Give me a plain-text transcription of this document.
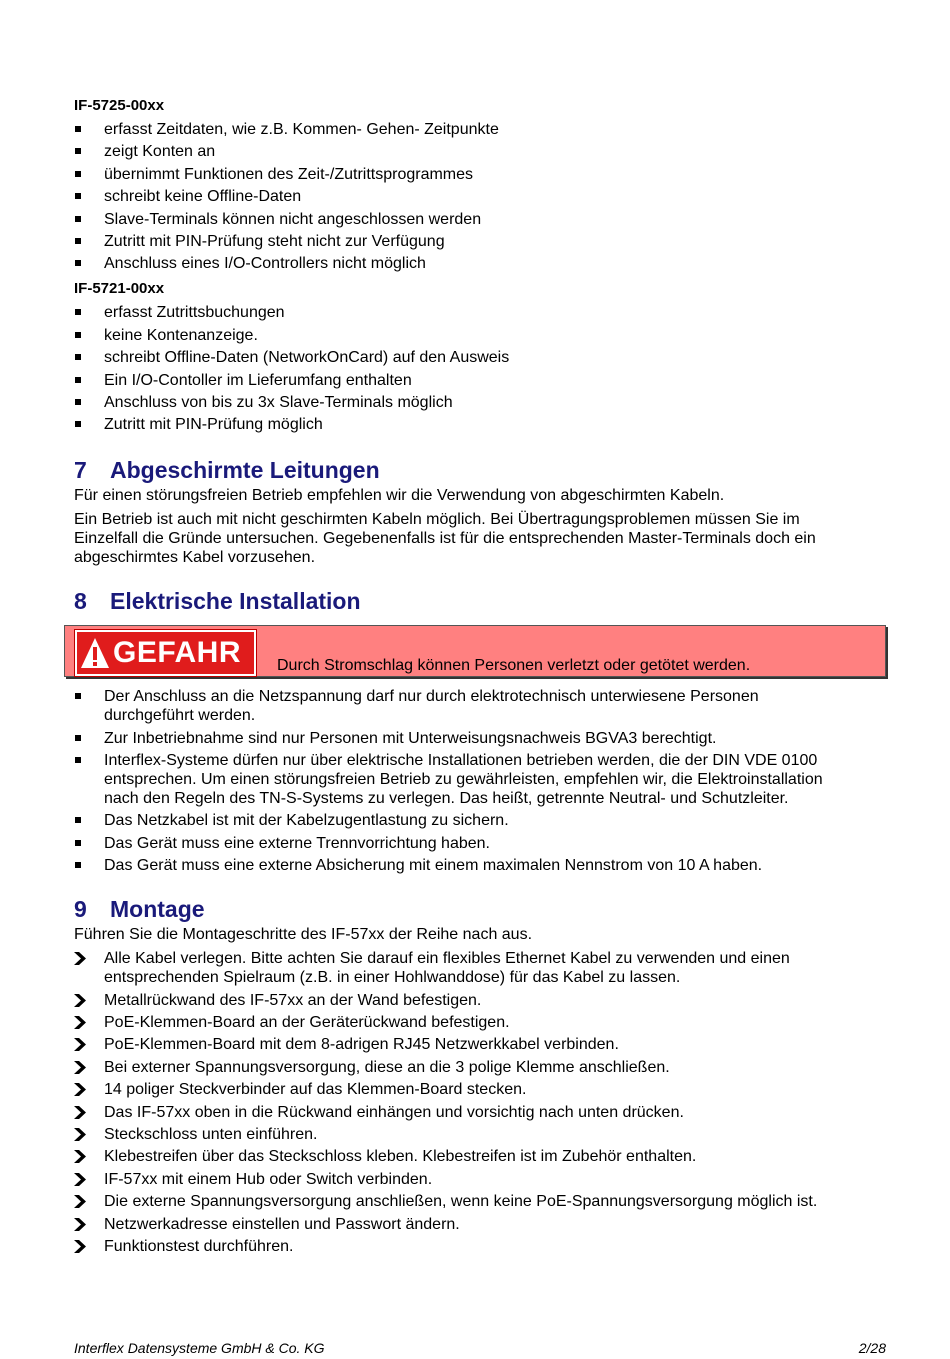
IF-5725-00xx
erfasst Zeitdaten, wie z.B. Kommen- Gehen- Zeitpunkte
zeigt Konten an
übernimmt Funktionen des Zeit-/Zutrittsprogrammes
schreibt keine Offline-Daten
Slave-Terminals können nicht angeschlossen werden
Zutritt mit PIN-Prüfung steht nicht zur Verfügung
Anschluss eines I/O-Controllers nicht möglich
IF-5721-00xx
erfasst Zutrittsbuchungen
keine Kontenanzeige.
schreibt Offline-Daten (NetworkOnCard) auf den Ausweis
Ein I/O-Contoller im Lieferumfang enthalten
Anschluss von bis zu 3x Slave-Terminals möglich
Zutritt mit PIN-Prüfung möglich
7 Abgeschirmte Leitungen

Für einen störungsfreien Betrieb empfehlen wir die Verwendung von abgeschirmten Kabeln.

Ein Betrieb ist auch mit nicht geschirmten Kabeln möglich. Bei Übertragungsproblemen müssen Sie im
Einzelfall die Gründe untersuchen. Gegebenenfalls ist für die entsprechenden Master-Terminals doch ein
abgeschirmtes Kabel vorzusehen.

8 Elektrische Installation
GEFAHR Durch Stromschlag können Personen verletzt oder getötet werden.
Der Anschluss an die Netzspannung darf nur durch elektrotechnisch unterwiesene Personen
durchgeführt werden.
Zur Inbetriebnahme sind nur Personen mit Unterweisungsnachweis BGVA3 berechtigt.
Interflex-Systeme dürfen nur über elektrische Installationen betrieben werden, die der DIN VDE 0100
entsprechen. Um einen störungsfreien Betrieb zu gewährleisten, empfehlen wir, die Elektroinstallation
nach den Regeln des TN-S-Systems zu verlegen. Das heißt, getrennte Neutral- und Schutzleiter.
Das Netzkabel ist mit der Kabelzugentlastung zu sichern.
Das Gerät muss eine externe Trennvorrichtung haben.
Das Gerät muss eine externe Absicherung mit einem maximalen Nennstrom von 10 A haben.
9 Montage

Führen Sie die Montageschritte des IF-57xx der Reihe nach aus.

Alle Kabel verlegen. Bitte achten Sie darauf ein flexibles Ethernet Kabel zu verwenden und einen
entsprechenden Spielraum (z.B. in einer Hohlwanddose) für das Kabel zu lassen.
Metallrückwand des IF-57xx an der Wand befestigen.
PoE-Klemmen-Board an der Geräterückwand befestigen.
PoE-Klemmen-Board mit dem 8-adrigen RJ45 Netzwerkkabel verbinden.
Bei externer Spannungsversorgung, diese an die 3 polige Klemme anschließen.
14 poliger Steckverbinder auf das Klemmen-Board stecken.
Das IF-57xx oben in die Rückwand einhängen und vorsichtig nach unten drücken.
Steckschloss unten einführen.
Klebestreifen über das Steckschloss kleben. Klebestreifen ist im Zubehör enthalten.
IF-57xx mit einem Hub oder Switch verbinden.
Die externe Spannungsversorgung anschließen, wenn keine PoE-Spannungsversorgung möglich ist.
Netzwerkadresse einstellen und Passwort ändern.
Funktionstest durchführen.
Interflex Datensysteme GmbH & Co. KG	2/28
